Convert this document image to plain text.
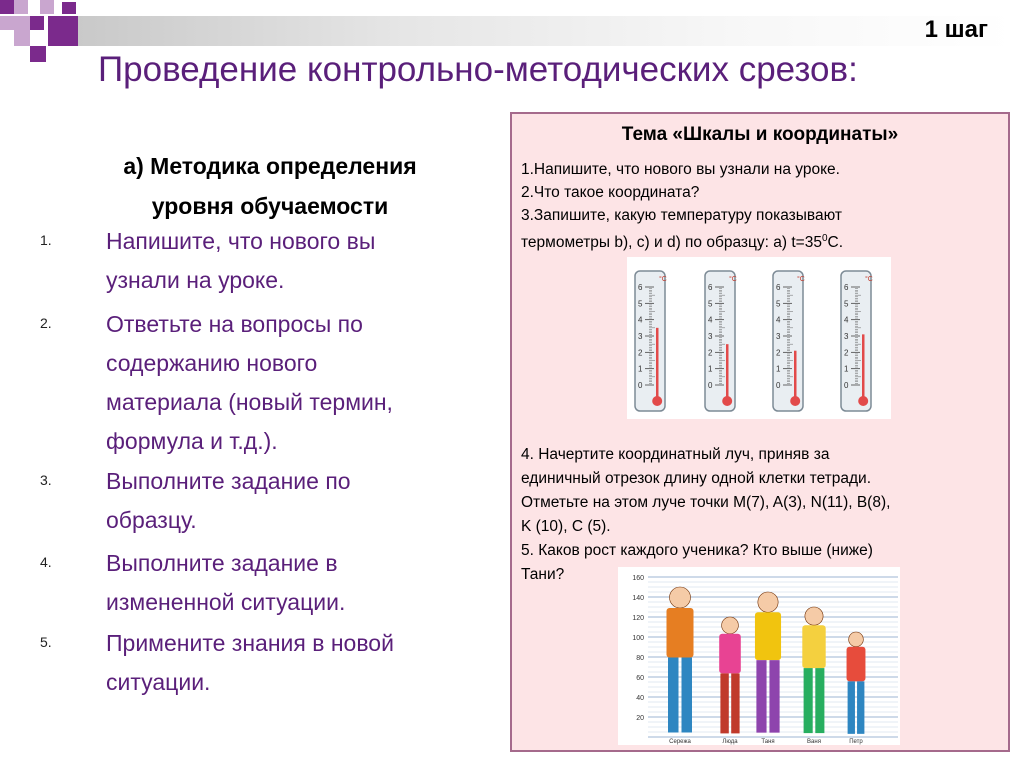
1 шаг
Проведение контрольно-методических срезов:
а) Методика определения
уровня обучаемости
1. Напишите, что нового вы
узнали на уроке.
2. Ответьте на вопросы по
содержанию нового
материала (новый термин,
формула и т.д.).
3. Выполните задание по
образцу.
4. Выполните задание в
измененной ситуации.
5. Примените знания в новой
ситуации.
Тема «Шкалы и координаты»
1.Напишите, что нового вы узнали на уроке.
2.Что такое координата?
3.Запишите, какую температуру показывают
термометры b), c) и d) по образцу: a) $t=35^0С$.
°C
6
5
4
3
2
1
0
°C
6
5
4
3
2
1
0
°C
6
5
4
3
2
1
0
°C
6
5
4
3
2
1
0
4. Начертите координатный луч, приняв за
единичный отрезок длину одной клетки тетради.
Отметьте на этом луче точки M(7), A(3), N(11), B(8),
K (10), C (5).
5. Каков рост каждого ученика? Кто выше (ниже)
Тани?	160
140
120
100
80
60
40
20
Сережа	Люда	Таня	Ваня	Петр
